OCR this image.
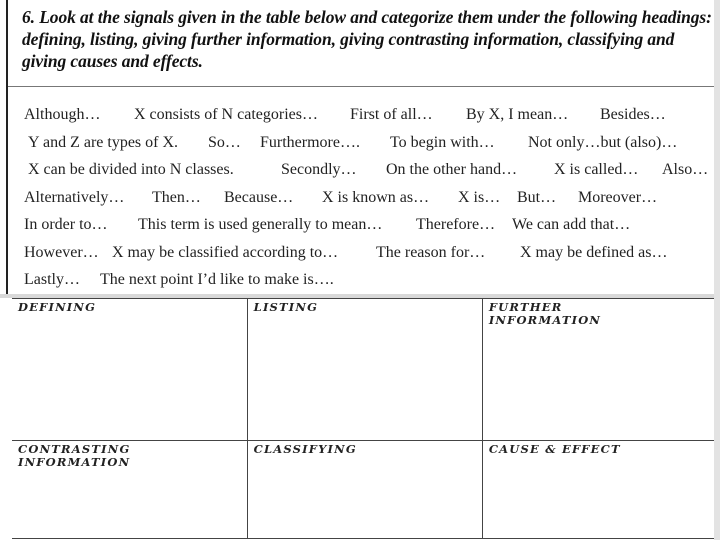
6. Look at the signals given in the table below and categorize them under the following headings: defining, listing, giving further information, giving contrasting information, classifying and giving causes and effects.
Although… X consists of N categories… First of all… By X, I mean… Besides…
Y and Z are types of X. So… Furthermore…. To begin with… Not only…but (also)…
X can be divided into N classes.	Secondly… On the other hand… X is called… Also…
Alternatively… Then… Because… X is known as… X is… But… Moreover…
In order to… This term is used generally to mean… Therefore… We can add that…
However… X may be classified according to… The reason for… X may be defined as…
Lastly… The next point I’d like to make is….
DEFINING	LISTING	FURTHER INFORMATION

CONTRASTING INFORMATION	CLASSIFYING	CAUSE & EFFECT
